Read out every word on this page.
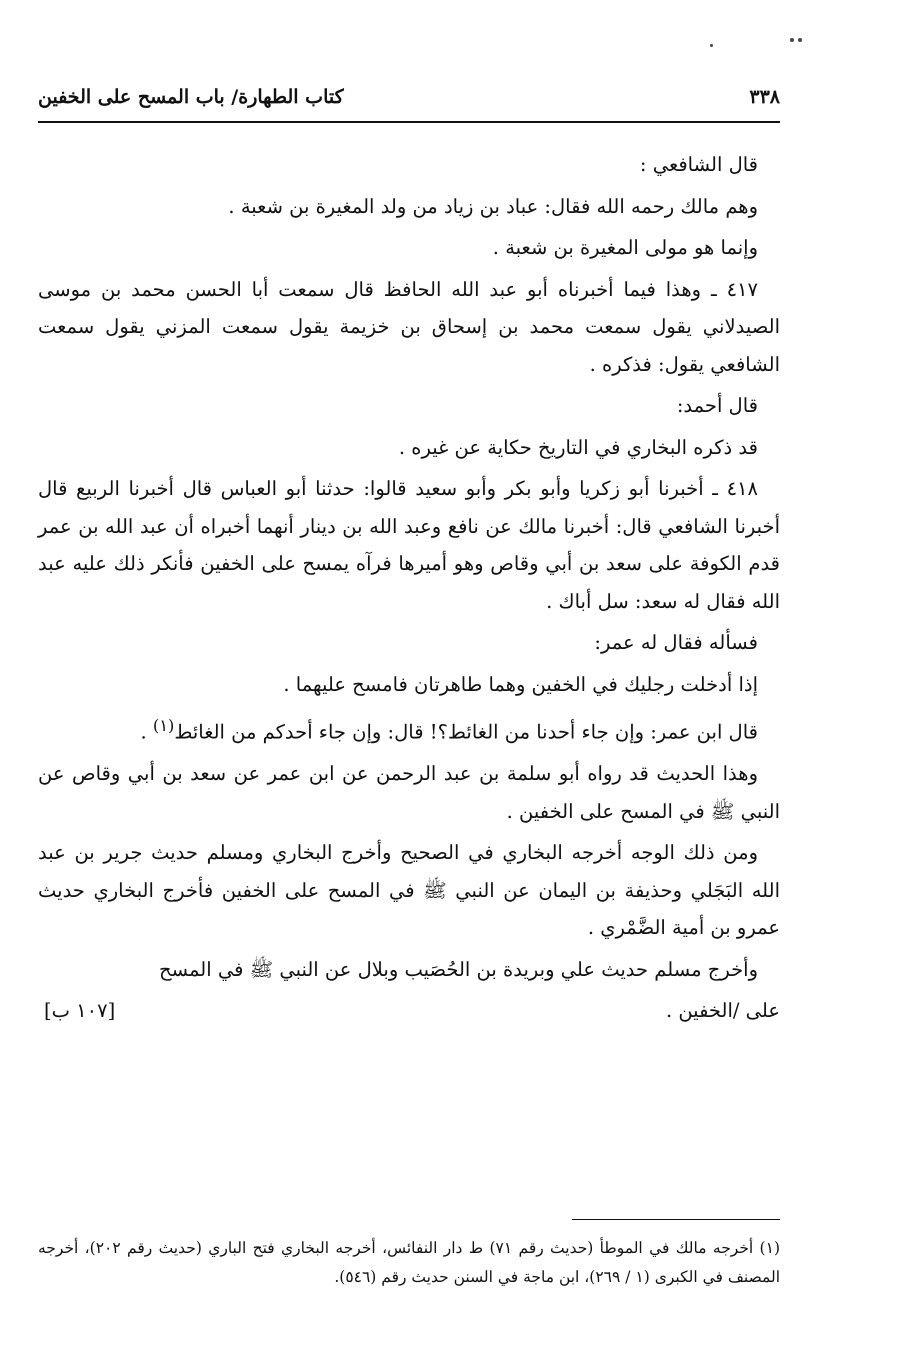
٣٣٨
كتاب الطهارة/ باب المسح على الخفين

قال الشافعي :

وهم مالك رحمه الله فقال: عباد بن زياد من ولد المغيرة بن شعبة .

وإنما هو مولى المغيرة بن شعبة .

٤١٧ ـ وهذا فيما أخبرناه أبو عبد الله الحافظ قال سمعت أبا الحسن محمد بن موسى الصيدلاني يقول سمعت محمد بن إسحاق بن خزيمة يقول سمعت المزني يقول سمعت الشافعي يقول: فذكره .

قال أحمد:

قد ذكره البخاري في التاريخ حكاية عن غيره .

٤١٨ ـ أخبرنا أبو زكريا وأبو بكر وأبو سعيد قالوا: حدثنا أبو العباس قال أخبرنا الربيع قال أخبرنا الشافعي قال: أخبرنا مالك عن نافع وعبد الله بن دينار أنهما أخبراه أن عبد الله بن عمر قدم الكوفة على سعد بن أبي وقاص وهو أميرها فرآه يمسح على الخفين فأنكر ذلك عليه عبد الله فقال له سعد: سل أباك .

فسأله فقال له عمر:

إذا أدخلت رجليك في الخفين وهما طاهرتان فامسح عليهما .

قال ابن عمر: وإن جاء أحدنا من الغائط؟! قال: وإن جاء أحدكم من الغائط$^{(١)}$ .

وهذا الحديث قد رواه أبو سلمة بن عبد الرحمن عن ابن عمر عن سعد بن أبي وقاص عن النبي ﷺ في المسح على الخفين .

ومن ذلك الوجه أخرجه البخاري في الصحيح وأخرج البخاري ومسلم حديث جرير بن عبد الله البَجَلي وحذيفة بن اليمان عن النبي ﷺ في المسح على الخفين فأخرج البخاري حديث عمرو بن أمية الضَّمْري .

وأخرج مسلم حديث علي وبريدة بن الحُصَيب وبلال عن النبي ﷺ في المسح

على /الخفين .
[١٠٧ ب]

(١) أخرجه مالك في الموطأ (حديث رقم ٧١) ط دار النفائس، أخرجه البخاري فتح الباري (حديث رقم ٢٠٢)، أخرجه المصنف في الكبرى (١ / ٢٦٩)، ابن ماجة في السنن حديث رقم (٥٤٦).
